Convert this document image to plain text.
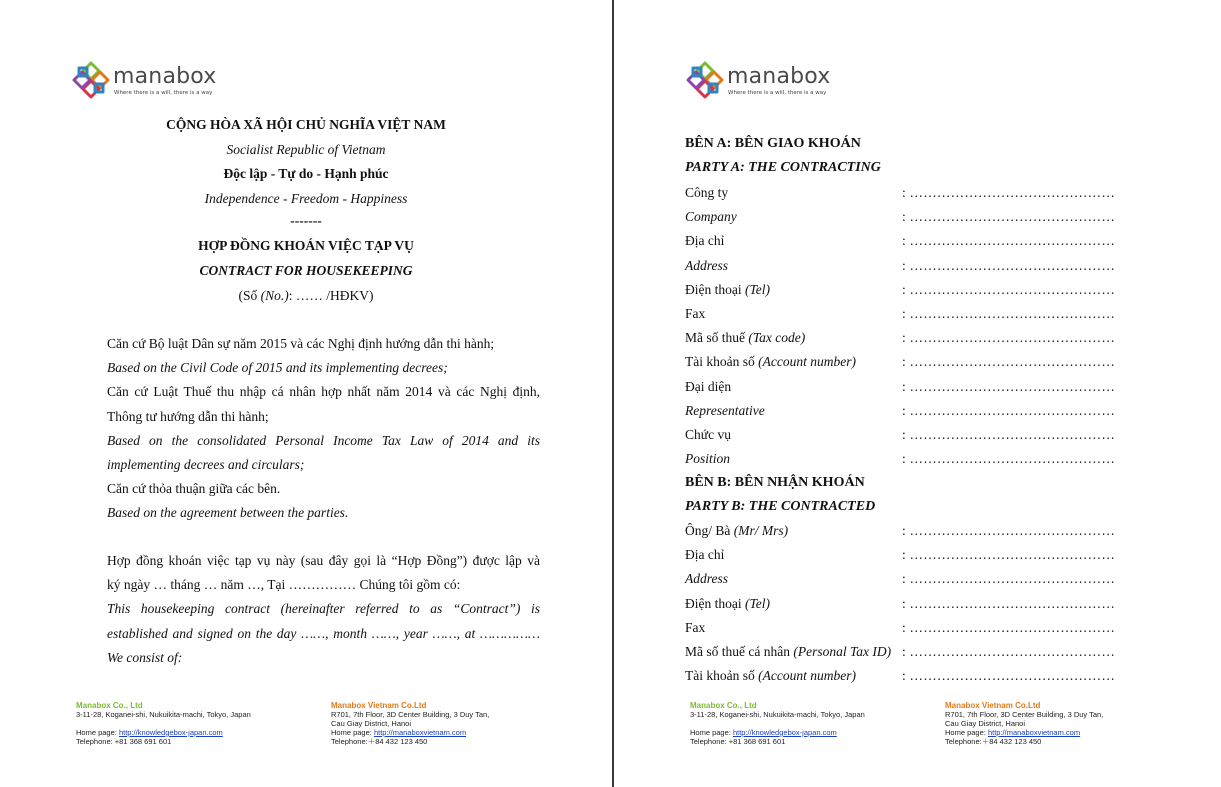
manabox
Where there is a will, there is a way
CỘNG HÒA XÃ HỘI CHỦ NGHĨA VIỆT NAM
Socialist Republic of Vietnam
Độc lập - Tự do - Hạnh phúc
Independence - Freedom - Happiness
-------
HỢP ĐỒNG KHOÁN VIỆC TẠP VỤ
CONTRACT FOR HOUSEKEEPING
(Số (No.): …… /HĐKV)
Căn cứ Bộ luật Dân sự năm 2015 và các Nghị định hướng dẫn thi hành;
Based on the Civil Code of 2015 and its implementing decrees;
Căn cứ Luật Thuế thu nhập cá nhân hợp nhất năm 2014 và các Nghị định,
Thông tư hướng dẫn thi hành;
Based on the consolidated Personal Income Tax Law of 2014 and its
implementing decrees and circulars;
Căn cứ thỏa thuận giữa các bên.
Based on the agreement between the parties.
Hợp đồng khoán việc tạp vụ này (sau đây gọi là “Hợp Đồng”) được lập và
ký ngày … tháng … năm …, Tại …………… Chúng tôi gồm có:
This housekeeping contract (hereinafter referred to as “Contract”) is
established and signed on the day ……, month ……, year ……, at ……………
We consist of:
Manabox Co., Ltd
3-11-28, Koganei-shi, Nukuikita-machi, Tokyo, Japan
Home page: http://knowledgebox-japan.com
Telephone: +81 368 691 601
Manabox Vietnam Co.Ltd
R701, 7th Floor, 3D Center Building, 3 Duy Tan,
Cau Giay District, Hanoi
Home page: http://manaboxvietnam.com
Telephone:＋84 432 123 450
manabox
Where there is a will, there is a way
BÊN A: BÊN GIAO KHOÁN
PARTY A: THE CONTRACTING
Công ty	: ………………………………………
Company	: ………………………………………
Địa chỉ	: ………………………………………
Address	: ………………………………………
Điện thoại (Tel)	: ………………………………………
Fax	: ………………………………………
Mã số thuế (Tax code)	: ………………………………………
Tài khoản số (Account number)	: ………………………………………
Đại diện	: ………………………………………
Representative	: ………………………………………
Chức vụ	: ………………………………………
Position	: ………………………………………
BÊN B: BÊN NHẬN KHOÁN
PARTY B: THE CONTRACTED
Ông/ Bà (Mr/ Mrs)	: ………………………………………
Địa chỉ	: ………………………………………
Address	: ………………………………………
Điện thoại (Tel)	: ………………………………………
Fax	: ………………………………………
Mã số thuế cá nhân (Personal Tax ID) : ………………………………………
Tài khoản số (Account number)	: ………………………………………
Manabox Co., Ltd
3-11-28, Koganei-shi, Nukuikita-machi, Tokyo, Japan
Home page: http://knowledgebox-japan.com
Telephone: +81 368 691 601
Manabox Vietnam Co.Ltd
R701, 7th Floor, 3D Center Building, 3 Duy Tan,
Cau Giay District, Hanoi
Home page: http://manaboxvietnam.com
Telephone:＋84 432 123 450
